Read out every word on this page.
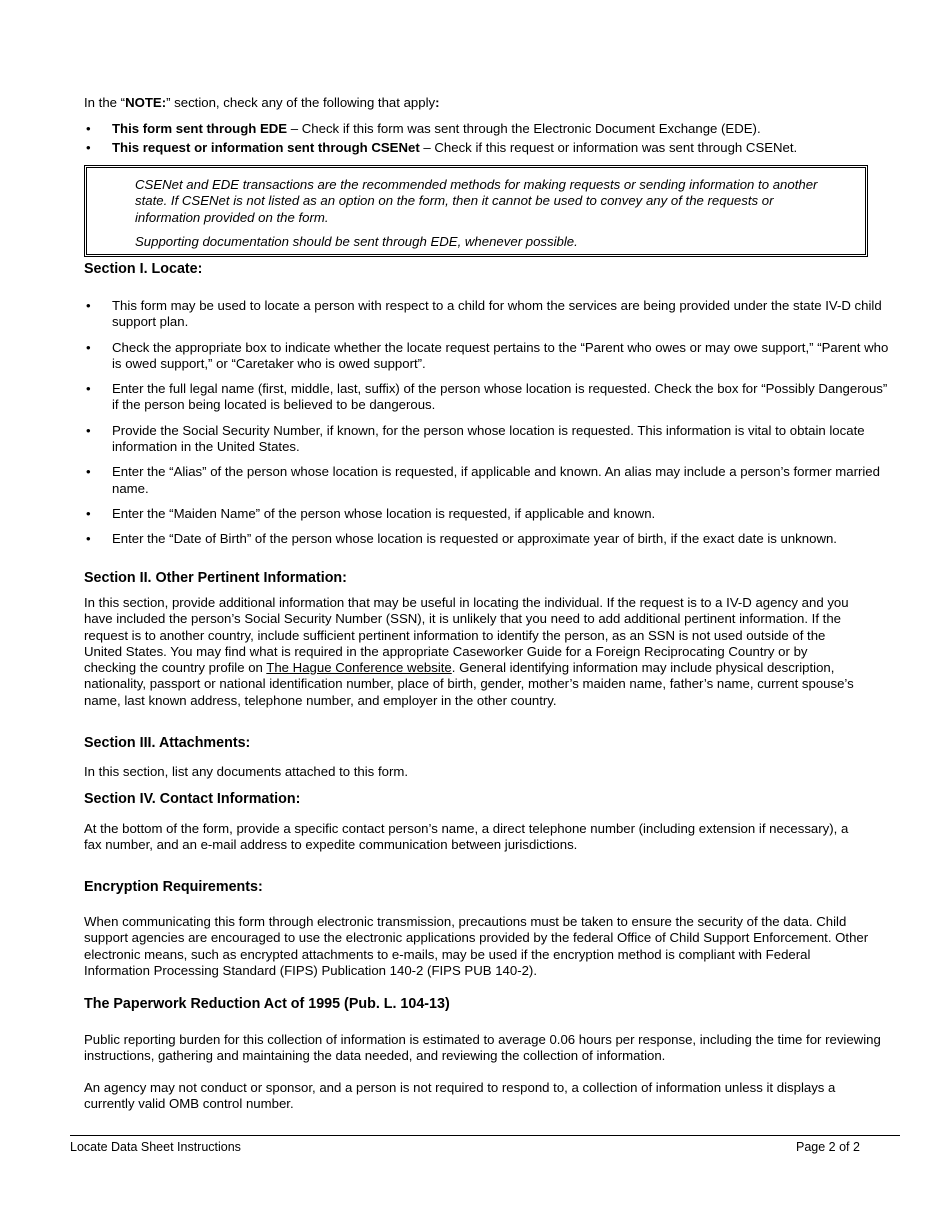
In the “NOTE:” section, check any of the following that apply:

• This form sent through EDE – Check if this form was sent through the Electronic Document Exchange (EDE).
• This request or information sent through CSENet – Check if this request or information was sent through CSENet.

CSENet and EDE transactions are the recommended methods for making requests or sending information to another state. If CSENet is not listed as an option on the form, then it cannot be used to convey any of the requests or information provided on the form.

Supporting documentation should be sent through EDE, whenever possible.

Section I. Locate:
• This form may be used to locate a person with respect to a child for whom the services are being provided under the state IV-D child support plan.
• Check the appropriate box to indicate whether the locate request pertains to the “Parent who owes or may owe support,” “Parent who is owed support,” or “Caretaker who is owed support”.
• Enter the full legal name (first, middle, last, suffix) of the person whose location is requested. Check the box for “Possibly Dangerous” if the person being located is believed to be dangerous.
• Provide the Social Security Number, if known, for the person whose location is requested. This information is vital to obtain locate information in the United States.
• Enter the “Alias” of the person whose location is requested, if applicable and known. An alias may include a person’s former married name.
• Enter the “Maiden Name” of the person whose location is requested, if applicable and known.
• Enter the “Date of Birth” of the person whose location is requested or approximate year of birth, if the exact date is unknown.
Section II. Other Pertinent Information:

In this section, provide additional information that may be useful in locating the individual. If the request is to a IV-D agency and you have included the person’s Social Security Number (SSN), it is unlikely that you need to add additional pertinent information. If the request is to another country, include sufficient pertinent information to identify the person, as an SSN is not used outside of the United States. You may find what is required in the appropriate Caseworker Guide for a Foreign Reciprocating Country or by checking the country profile on The Hague Conference website. General identifying information may include physical description, nationality, passport or national identification number, place of birth, gender, mother’s maiden name, father’s name, current spouse’s name, last known address, telephone number, and employer in the other country.

Section III. Attachments:

In this section, list any documents attached to this form.

Section IV. Contact Information:

At the bottom of the form, provide a specific contact person’s name, a direct telephone number (including extension if necessary), a fax number, and an e-mail address to expedite communication between jurisdictions.

Encryption Requirements:

When communicating this form through electronic transmission, precautions must be taken to ensure the security of the data. Child support agencies are encouraged to use the electronic applications provided by the federal Office of Child Support Enforcement. Other electronic means, such as encrypted attachments to e-mails, may be used if the encryption method is compliant with Federal Information Processing Standard (FIPS) Publication 140-2 (FIPS PUB 140-2).

The Paperwork Reduction Act of 1995 (Pub. L. 104-13)

Public reporting burden for this collection of information is estimated to average 0.06 hours per response, including the time for reviewing instructions, gathering and maintaining the data needed, and reviewing the collection of information.

An agency may not conduct or sponsor, and a person is not required to respond to, a collection of information unless it displays a currently valid OMB control number.

Locate Data Sheet Instructions	Page 2 of 2
